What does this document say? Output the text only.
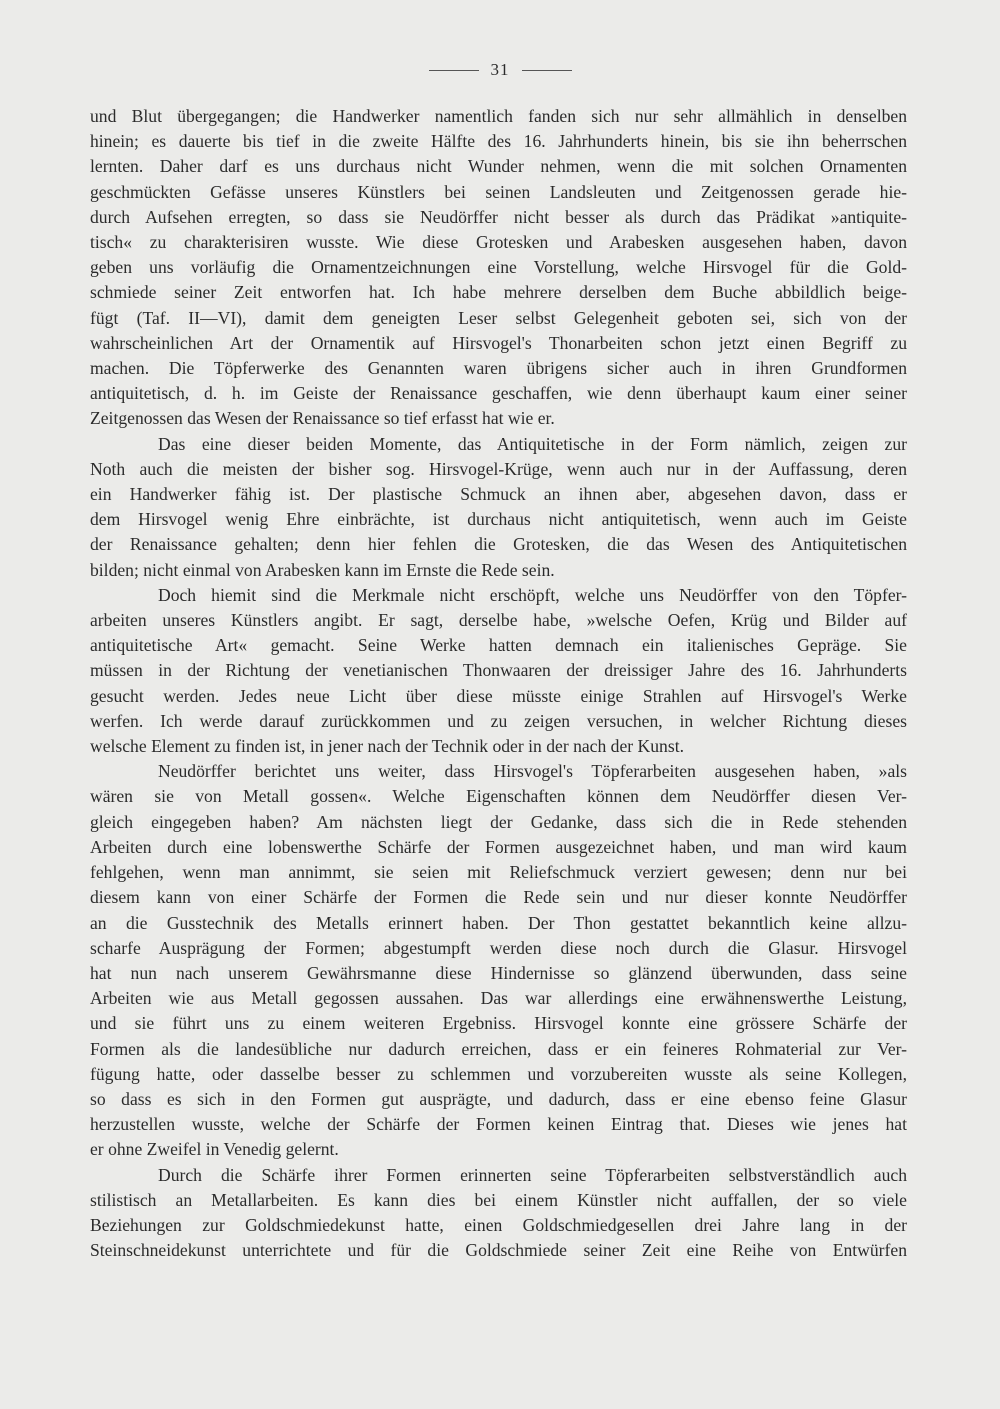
31
und Blut übergegangen; die Handwerker namentlich fanden sich nur sehr allmählich in denselben
hinein; es dauerte bis tief in die zweite Hälfte des 16. Jahrhunderts hinein, bis sie ihn beherrschen
lernten. Daher darf es uns durchaus nicht Wunder nehmen, wenn die mit solchen Ornamenten
geschmückten Gefässe unseres Künstlers bei seinen Landsleuten und Zeitgenossen gerade hie-
durch Aufsehen erregten, so dass sie Neudörffer nicht besser als durch das Prädikat »antiquite-
tisch« zu charakterisiren wusste. Wie diese Grotesken und Arabesken ausgesehen haben, davon
geben uns vorläufig die Ornamentzeichnungen eine Vorstellung, welche Hirsvogel für die Gold-
schmiede seiner Zeit entworfen hat. Ich habe mehrere derselben dem Buche abbildlich beige-
fügt (Taf. II—VI), damit dem geneigten Leser selbst Gelegenheit geboten sei, sich von der
wahrscheinlichen Art der Ornamentik auf Hirsvogel's Thonarbeiten schon jetzt einen Begriff zu
machen. Die Töpferwerke des Genannten waren übrigens sicher auch in ihren Grundformen
antiquitetisch, d. h. im Geiste der Renaissance geschaffen, wie denn überhaupt kaum einer seiner
Zeitgenossen das Wesen der Renaissance so tief erfasst hat wie er.
Das eine dieser beiden Momente, das Antiquitetische in der Form nämlich, zeigen zur
Noth auch die meisten der bisher sog. Hirsvogel-Krüge, wenn auch nur in der Auffassung, deren
ein Handwerker fähig ist. Der plastische Schmuck an ihnen aber, abgesehen davon, dass er
dem Hirsvogel wenig Ehre einbrächte, ist durchaus nicht antiquitetisch, wenn auch im Geiste
der Renaissance gehalten; denn hier fehlen die Grotesken, die das Wesen des Antiquitetischen
bilden; nicht einmal von Arabesken kann im Ernste die Rede sein.
Doch hiemit sind die Merkmale nicht erschöpft, welche uns Neudörffer von den Töpfer-
arbeiten unseres Künstlers angibt. Er sagt, derselbe habe, »welsche Oefen, Krüg und Bilder auf
antiquitetische Art« gemacht. Seine Werke hatten demnach ein italienisches Gepräge. Sie
müssen in der Richtung der venetianischen Thonwaaren der dreissiger Jahre des 16. Jahrhunderts
gesucht werden. Jedes neue Licht über diese müsste einige Strahlen auf Hirsvogel's Werke
werfen. Ich werde darauf zurückkommen und zu zeigen versuchen, in welcher Richtung dieses
welsche Element zu finden ist, in jener nach der Technik oder in der nach der Kunst.
Neudörffer berichtet uns weiter, dass Hirsvogel's Töpferarbeiten ausgesehen haben, »als
wären sie von Metall gossen«. Welche Eigenschaften können dem Neudörffer diesen Ver-
gleich eingegeben haben? Am nächsten liegt der Gedanke, dass sich die in Rede stehenden
Arbeiten durch eine lobenswerthe Schärfe der Formen ausgezeichnet haben, und man wird kaum
fehlgehen, wenn man annimmt, sie seien mit Reliefschmuck verziert gewesen; denn nur bei
diesem kann von einer Schärfe der Formen die Rede sein und nur dieser konnte Neudörffer
an die Gusstechnik des Metalls erinnert haben. Der Thon gestattet bekanntlich keine allzu-
scharfe Ausprägung der Formen; abgestumpft werden diese noch durch die Glasur. Hirsvogel
hat nun nach unserem Gewährsmanne diese Hindernisse so glänzend überwunden, dass seine
Arbeiten wie aus Metall gegossen aussahen. Das war allerdings eine erwähnenswerthe Leistung,
und sie führt uns zu einem weiteren Ergebniss. Hirsvogel konnte eine grössere Schärfe der
Formen als die landesübliche nur dadurch erreichen, dass er ein feineres Rohmaterial zur Ver-
fügung hatte, oder dasselbe besser zu schlemmen und vorzubereiten wusste als seine Kollegen,
so dass es sich in den Formen gut ausprägte, und dadurch, dass er eine ebenso feine Glasur
herzustellen wusste, welche der Schärfe der Formen keinen Eintrag that. Dieses wie jenes hat
er ohne Zweifel in Venedig gelernt.
Durch die Schärfe ihrer Formen erinnerten seine Töpferarbeiten selbstverständlich auch
stilistisch an Metallarbeiten. Es kann dies bei einem Künstler nicht auffallen, der so viele
Beziehungen zur Goldschmiedekunst hatte, einen Goldschmiedgesellen drei Jahre lang in der
Steinschneidekunst unterrichtete und für die Goldschmiede seiner Zeit eine Reihe von Entwürfen
